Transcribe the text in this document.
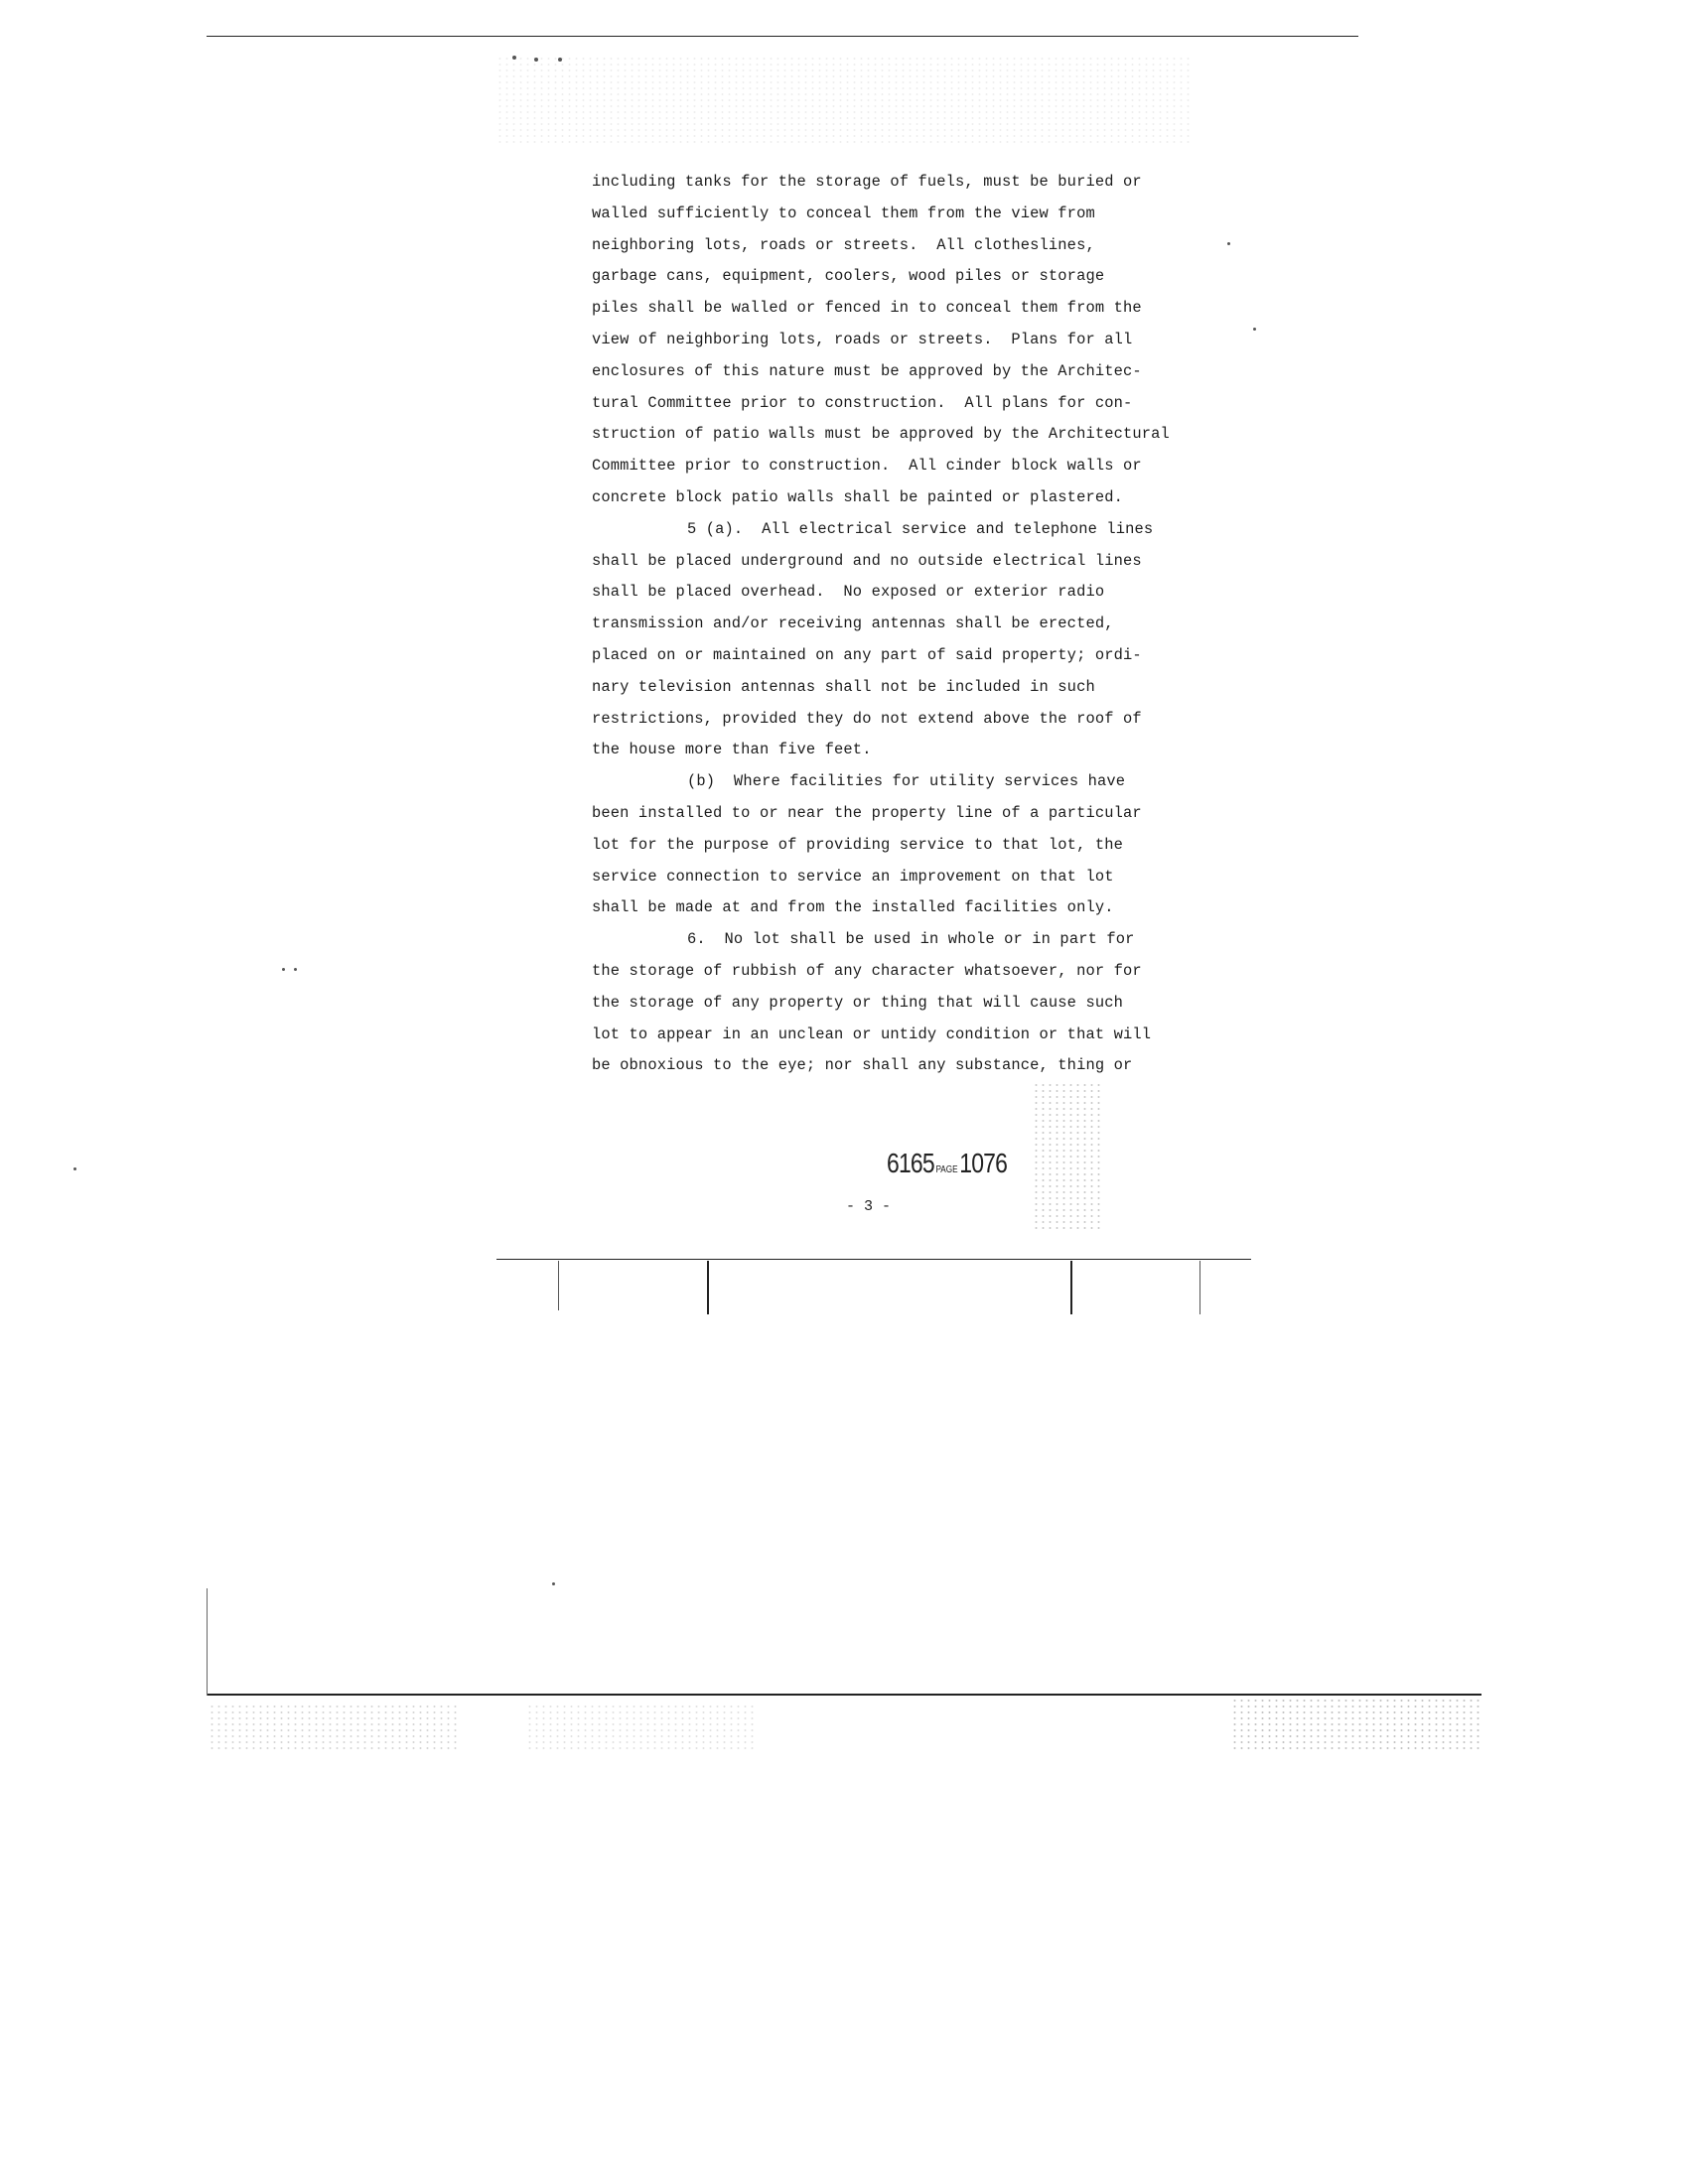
including tanks for the storage of fuels, must be buried or
walled sufficiently to conceal them from the view from
neighboring lots, roads or streets.  All clotheslines,
garbage cans, equipment, coolers, wood piles or storage
piles shall be walled or fenced in to conceal them from the
view of neighboring lots, roads or streets.  Plans for all
enclosures of this nature must be approved by the Architec-
tural Committee prior to construction.  All plans for con-
struction of patio walls must be approved by the Architectural
Committee prior to construction.  All cinder block walls or
concrete block patio walls shall be painted or plastered.
5 (a).  All electrical service and telephone lines
shall be placed underground and no outside electrical lines
shall be placed overhead.  No exposed or exterior radio
transmission and/or receiving antennas shall be erected,
placed on or maintained on any part of said property; ordi-
nary television antennas shall not be included in such
restrictions, provided they do not extend above the roof of
the house more than five feet.
(b)  Where facilities for utility services have
been installed to or near the property line of a particular
lot for the purpose of providing service to that lot, the
service connection to service an improvement on that lot
shall be made at and from the installed facilities only.
6.  No lot shall be used in whole or in part for
the storage of rubbish of any character whatsoever, nor for
the storage of any property or thing that will cause such
lot to appear in an unclean or untidy condition or that will
be obnoxious to the eye; nor shall any substance, thing or
6165 PAGE1076
- 3 -
